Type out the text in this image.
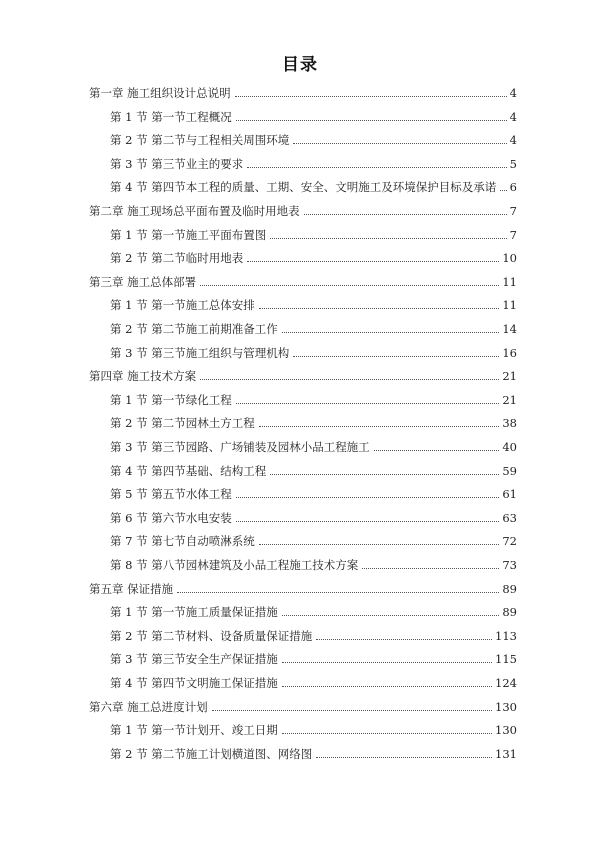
目录
第一章 施工组织设计总说明	4
第 1 节 第一节工程概况	4
第 2 节 第二节与工程相关周围环境	4
第 3 节 第三节业主的要求	5
第 4 节 第四节本工程的质量、工期、安全、文明施工及环境保护目标及承诺 6
第二章 施工现场总平面布置及临时用地表	7
第 1 节 第一节施工平面布置图	7
第 2 节 第二节临时用地表	10
第三章 施工总体部署	11
第 1 节 第一节施工总体安排	11
第 2 节 第二节施工前期准备工作	14
第 3 节 第三节施工组织与管理机构	16
第四章 施工技术方案	21
第 1 节 第一节绿化工程	21
第 2 节 第二节园林土方工程	38
第 3 节 第三节园路、广场铺装及园林小品工程施工	40
第 4 节 第四节基础、结构工程	59
第 5 节 第五节水体工程	61
第 6 节 第六节水电安装	63
第 7 节 第七节自动喷淋系统	72
第 8 节 第八节园林建筑及小品工程施工技术方案	73
第五章 保证措施	89
第 1 节 第一节施工质量保证措施	89
第 2 节 第二节材料、设备质量保证措施	113
第 3 节 第三节安全生产保证措施	115
第 4 节 第四节文明施工保证措施	124
第六章 施工总进度计划	130
第 1 节 第一节计划开、竣工日期	130
第 2 节 第二节施工计划横道图、网络图	131
